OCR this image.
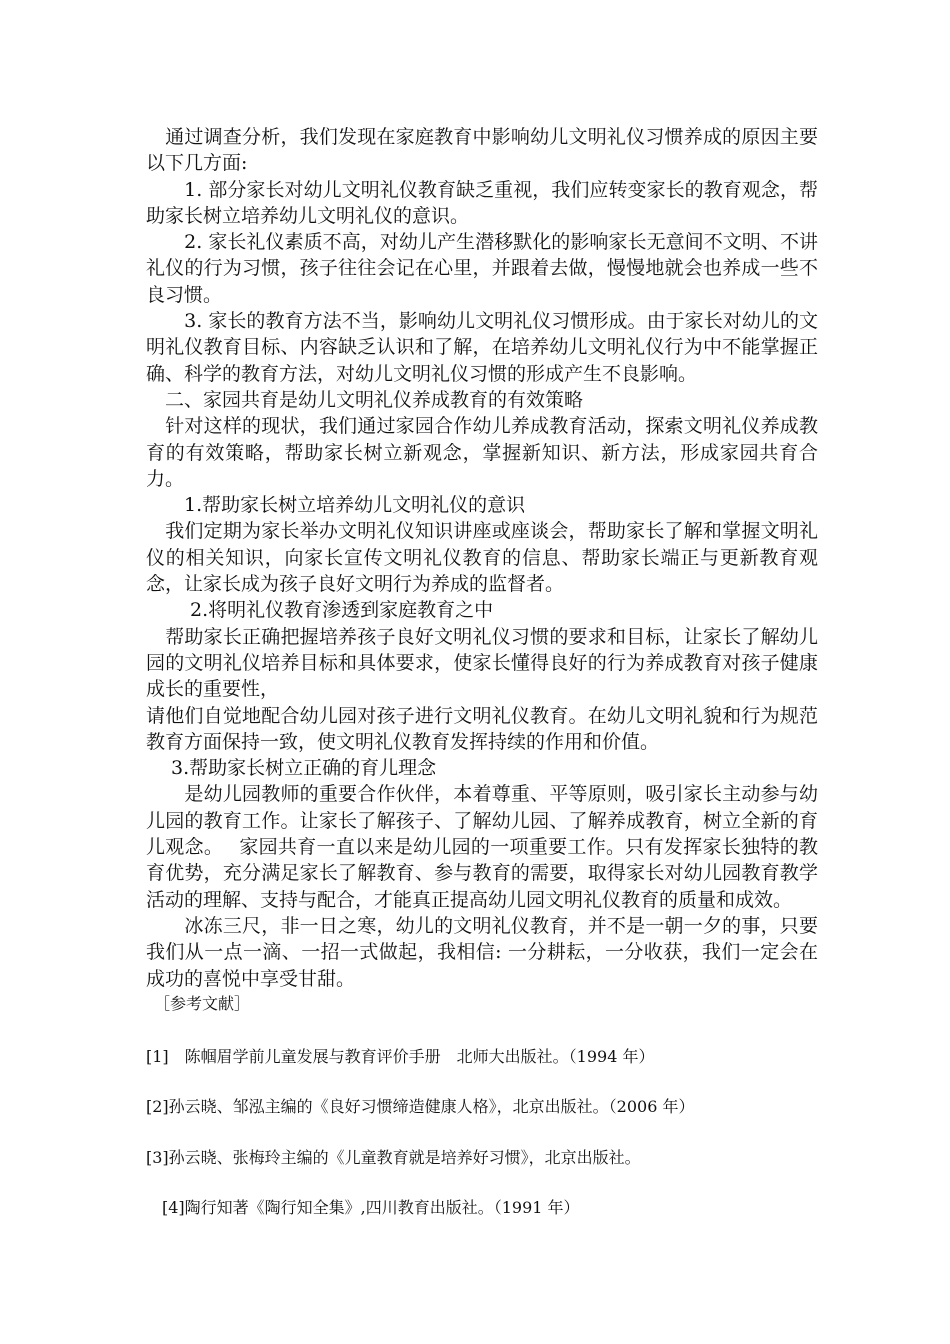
　通过调查分析，我们发现在家庭教育中影响幼儿文明礼仪习惯养成的原因主要以下几方面:

　　1. 部分家长对幼儿文明礼仪教育缺乏重视，我们应转变家长的教育观念，帮助家长树立培养幼儿文明礼仪的意识。

　　2. 家长礼仪素质不高，对幼儿产生潜移默化的影响家长无意间不文明、不讲礼仪的行为习惯，孩子往往会记在心里，并跟着去做，慢慢地就会也养成一些不良习惯。

　　3. 家长的教育方法不当，影响幼儿文明礼仪习惯形成。由于家长对幼儿的文明礼仪教育目标、内容缺乏认识和了解，在培养幼儿文明礼仪行为中不能掌握正确、科学的教育方法，对幼儿文明礼仪习惯的形成产生不良影响。

　二、家园共育是幼儿文明礼仪养成教育的有效策略

　针对这样的现状，我们通过家园合作幼儿养成教育活动，探索文明礼仪养成教育的有效策略，帮助家长树立新观念，掌握新知识、新方法，形成家园共育合力。

　　1.帮助家长树立培养幼儿文明礼仪的意识

　我们定期为家长举办文明礼仪知识讲座或座谈会，帮助家长了解和掌握文明礼仪的相关知识，向家长宣传文明礼仪教育的信息、帮助家长端正与更新教育观念，让家长成为孩子良好文明行为养成的监督者。

　　 2.将明礼仪教育渗透到家庭教育之中

　帮助家长正确把握培养孩子良好文明礼仪习惯的要求和目标，让家长了解幼儿园的文明礼仪培养目标和具体要求，使家长懂得良好的行为养成教育对孩子健康成长的重要性，

请他们自觉地配合幼儿园对孩子进行文明礼仪教育。在幼儿文明礼貌和行为规范教育方面保持一致，使文明礼仪教育发挥持续的作用和价值。

　 3.帮助家长树立正确的育儿理念

　　是幼儿园教师的重要合作伙伴，本着尊重、平等原则，吸引家长主动参与幼儿园的教育工作。让家长了解孩子、了解幼儿园、了解养成教育，树立全新的育儿观念。　 家园共育一直以来是幼儿园的一项重要工作。只有发挥家长独特的教育优势，充分满足家长了解教育、参与教育的需要，取得家长对幼儿园教育教学活动的理解、支持与配合，才能真正提高幼儿园文明礼仪教育的质量和成效。

　　冰冻三尺，非一日之寒，幼儿的文明礼仪教育，并不是一朝一夕的事，只要我们从一点一滴、一招一式做起，我相信: 一分耕耘，一分收获，我们一定会在成功的喜悦中享受甘甜。

　［参考文献］

[1]　陈帼眉学前儿童发展与教育评价手册　北师大出版社。（1994 年）
[2]孙云晓、邹泓主编的《良好习惯缔造健康人格》，北京出版社。（2006 年）
[3]孙云晓、张梅玲主编的《儿童教育就是培养好习惯》，北京出版社。
　[4]陶行知著《陶行知全集》,四川教育出版社。（1991 年）
